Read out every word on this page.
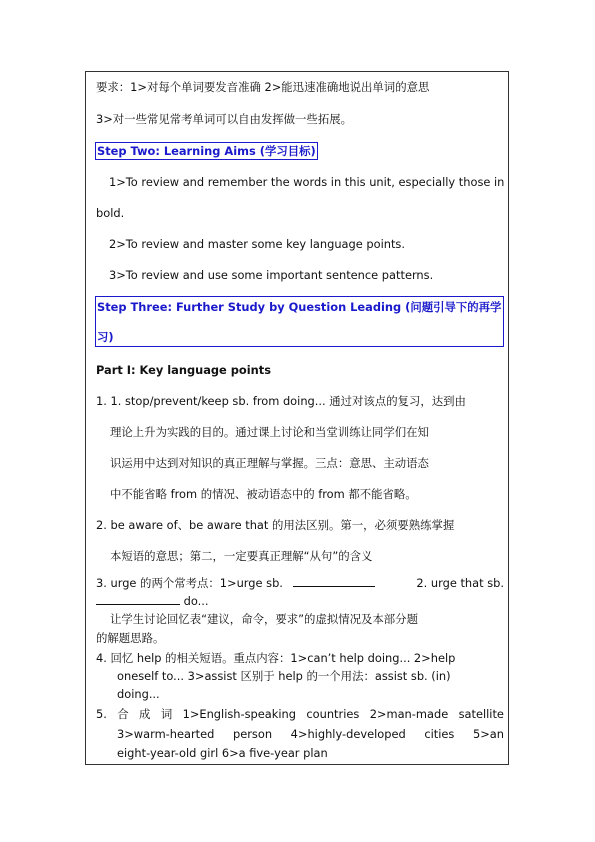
要求：1>对每个单词要发音准确 2>能迅速准确地说出单词的意思
3>对一些常见常考单词可以自由发挥做一些拓展。
Step Two: Learning Aims (学习目标)
1>To review and remember the words in this unit, especially those in
bold.
2>To review and master some key language points.
3>To review and use some important sentence patterns.
Step Three: Further Study by Question Leading (问题引导下的再学
习)
Part I: Key language points
1. 1. stop/prevent/keep sb. from doing... 通过对该点的复习，达到由
理论上升为实践的目的。通过课上讨论和当堂训练让同学们在知
识运用中达到对知识的真正理解与掌握。三点：意思、主动语态
中不能省略 from 的情况、被动语态中的 from 都不能省略。
2. be aware of、be aware that 的用法区别。第一，必须要熟练掌握
本短语的意思；第二，一定要真正理解“从句”的含义
3. urge 的两个常考点：1>urge sb.	2. urge that sb.
do...
让学生讨论回忆表“建议，命令，要求”的虚拟情况及本部分题
的解题思路。
4. 回忆 help 的相关短语。重点内容：1>can’t help doing... 2>help
oneself to... 3>assist 区别于 help 的一个用法：assist sb. (in)
doing...
5. 合 成 词 1>English-speaking countries 2>man-made satellite
3>warm-hearted person 4>highly-developed cities 5>an
eight-year-old girl 6>a five-year plan
